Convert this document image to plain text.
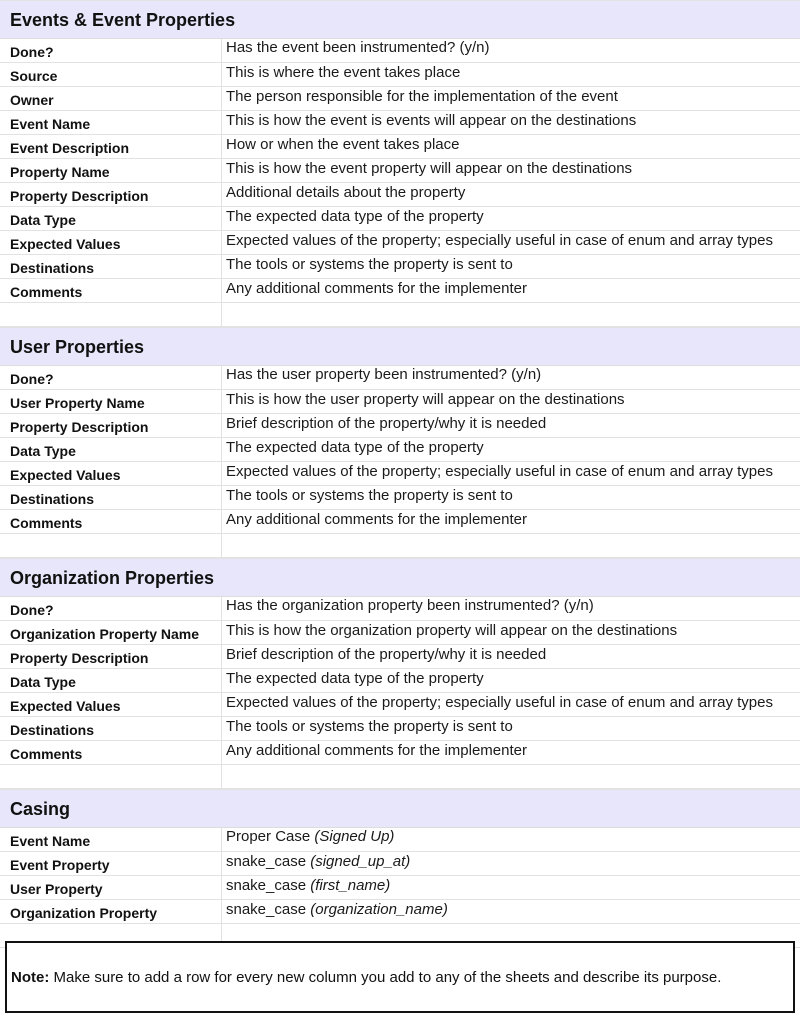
Events & Event Properties
Done?	Has the event been instrumented? (y/n)
Source	This is where the event takes place
Owner	The person responsible for the implementation of the event
Event Name	This is how the event is events will appear on the destinations
Event Description	How or when the event takes place
Property Name	This is how the event property will appear on the destinations
Property Description	Additional details about the property
Data Type	The expected data type of the property
Expected Values	Expected values of the property; especially useful in case of enum and array types
Destinations	The tools or systems the property is sent to
Comments	Any additional comments for the implementer
User Properties
Done?	Has the user property been instrumented? (y/n)
User Property Name	This is how the user property will appear on the destinations
Property Description	Brief description of the property/why it is needed
Data Type	The expected data type of the property
Expected Values	Expected values of the property; especially useful in case of enum and array types
Destinations	The tools or systems the property is sent to
Comments	Any additional comments for the implementer
Organization Properties
Done?	Has the organization property been instrumented? (y/n)
Organization Property Name	This is how the organization property will appear on the destinations
Property Description	Brief description of the property/why it is needed
Data Type	The expected data type of the property
Expected Values	Expected values of the property; especially useful in case of enum and array types
Destinations	The tools or systems the property is sent to
Comments	Any additional comments for the implementer
Casing
Event Name	Proper Case (Signed Up)
Event Property	snake_case (signed_up_at)
User Property	snake_case (first_name)
Organization Property	snake_case (organization_name)
Note: Make sure to add a row for every new column you add to any of the sheets and describe its purpose.
